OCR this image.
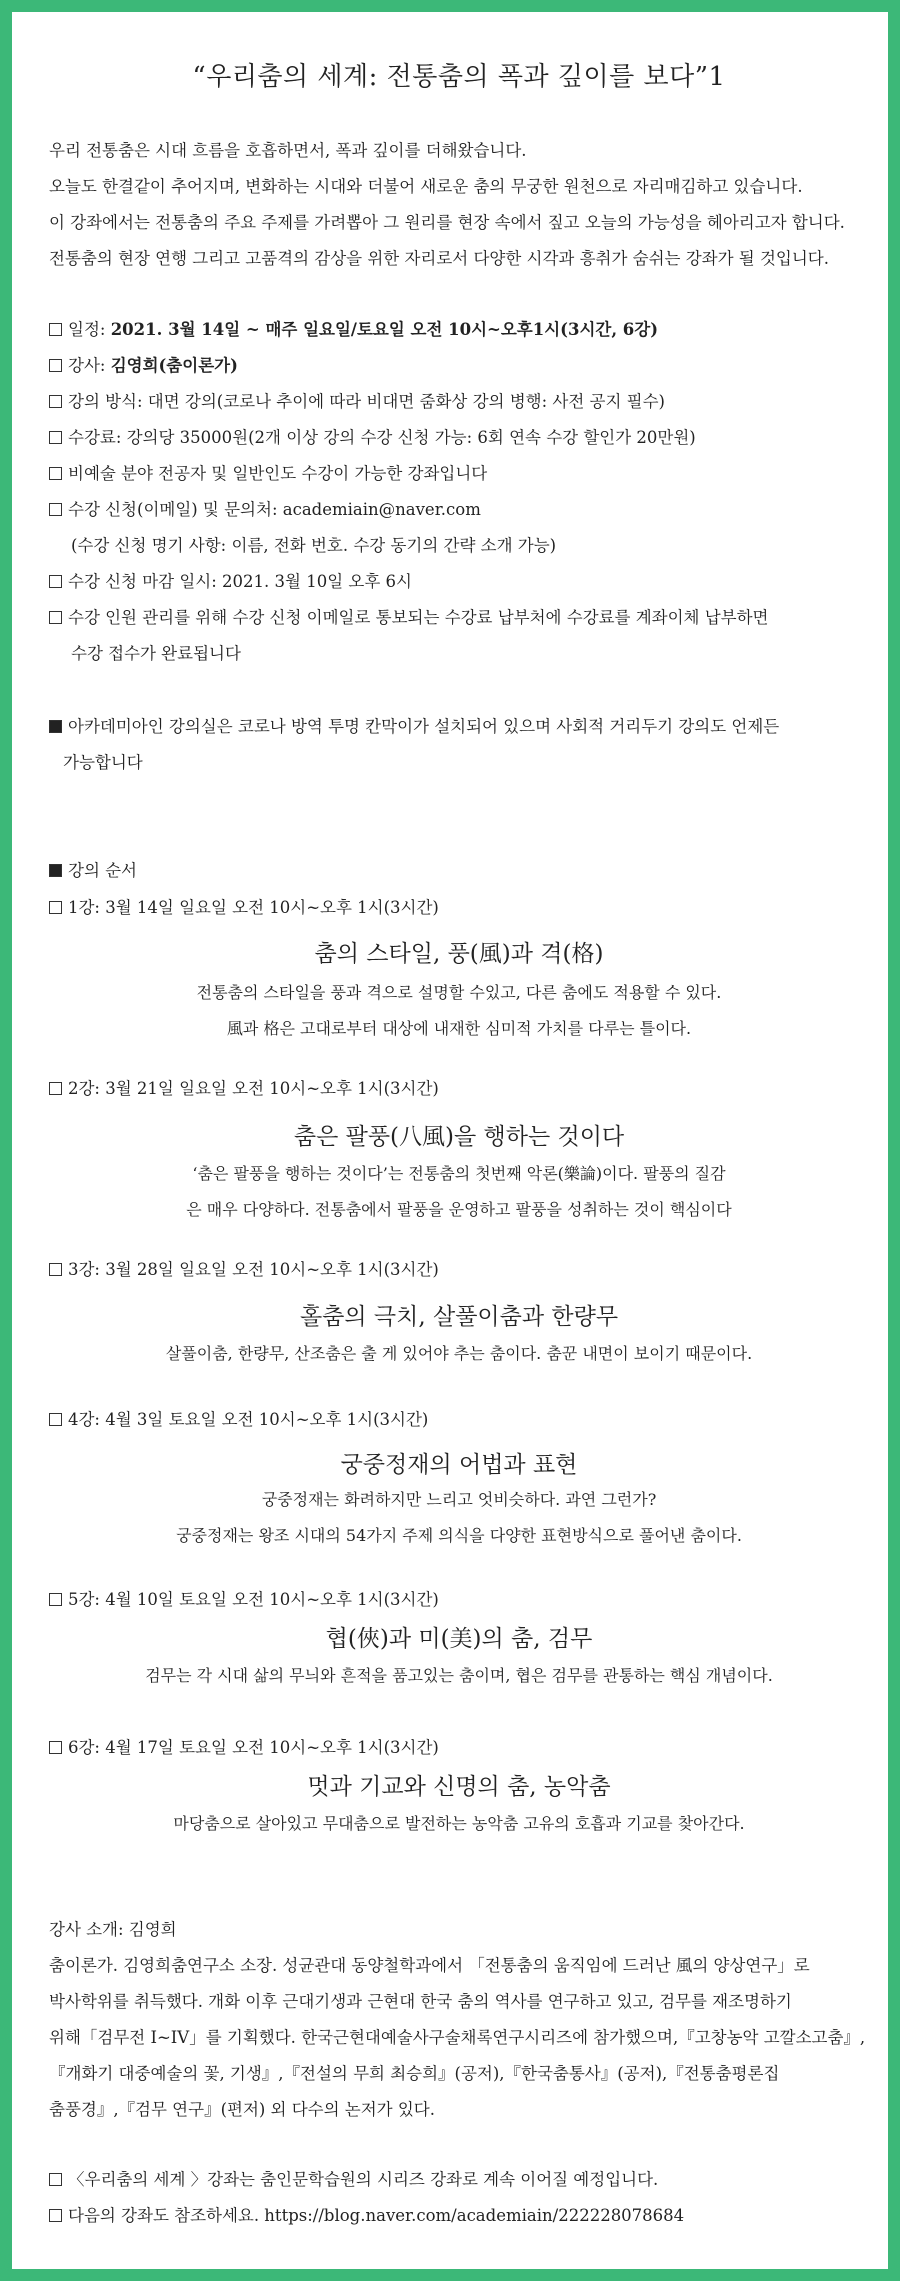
“우리춤의 세계: 전통춤의 폭과 깊이를 보다”1
우리 전통춤은 시대 흐름을 호흡하면서, 폭과 깊이를 더해왔습니다.
오늘도 한결같이 추어지며, 변화하는 시대와 더불어 새로운 춤의 무궁한 원천으로 자리매김하고 있습니다.
이 강좌에서는 전통춤의 주요 주제를 가려뽑아 그 원리를 현장 속에서 짚고 오늘의 가능성을 헤아리고자 합니다.
전통춤의 현장 연행 그리고 고품격의 감상을 위한 자리로서 다양한 시각과 흥취가 숨쉬는 강좌가 될 것입니다.
일정: 2021. 3월 14일 ~ 매주 일요일/토요일 오전 10시~오후1시(3시간, 6강)
강사: 김영희(춤이론가)
강의 방식: 대면 강의(코로나 추이에 따라 비대면 줌화상 강의 병행: 사전 공지 필수)
수강료: 강의당 35000원(2개 이상 강의 수강 신청 가능: 6회 연속 수강 할인가 20만원)
비예술 분야 전공자 및 일반인도 수강이 가능한 강좌입니다
수강 신청(이메일) 및 문의처: academiain@naver.com
(수강 신청 명기 사항: 이름, 전화 번호. 수강 동기의 간략 소개 가능)
수강 신청 마감 일시: 2021. 3월 10일 오후 6시
수강 인원 관리를 위해 수강 신청 이메일로 통보되는 수강료 납부처에 수강료를 계좌이체 납부하면
수강 접수가 완료됩니다
아카데미아인 강의실은 코로나 방역 투명 칸막이가 설치되어 있으며 사회적 거리두기 강의도 언제든
가능합니다
강의 순서
1강: 3월 14일 일요일 오전 10시~오후 1시(3시간)
춤의 스타일, 풍(風)과 격(格)
전통춤의 스타일을 풍과 격으로 설명할 수있고, 다른 춤에도 적용할 수 있다.
風과 格은 고대로부터 대상에 내재한 심미적 가치를 다루는 틀이다.
2강: 3월 21일 일요일 오전 10시~오후 1시(3시간)
춤은 팔풍(八風)을 행하는 것이다
‘춤은 팔풍을 행하는 것이다’는 전통춤의 첫번째 악론(樂論)이다. 팔풍의 질감
은 매우 다양하다. 전통춤에서 팔풍을 운영하고 팔풍을 성취하는 것이 핵심이다
3강: 3월 28일 일요일 오전 10시~오후 1시(3시간)
홀춤의 극치, 살풀이춤과 한량무
살풀이춤, 한량무, 산조춤은 출 게 있어야 추는 춤이다. 춤꾼 내면이 보이기 때문이다.
4강: 4월 3일 토요일 오전 10시~오후 1시(3시간)
궁중정재의 어법과 표현
궁중정재는 화려하지만 느리고 엇비슷하다. 과연 그런가?
궁중정재는 왕조 시대의 54가지 주제 의식을 다양한 표현방식으로 풀어낸 춤이다.
5강: 4월 10일 토요일 오전 10시~오후 1시(3시간)
협(俠)과 미(美)의 춤, 검무
검무는 각 시대 삶의 무늬와 흔적을 품고있는 춤이며, 협은 검무를 관통하는 핵심 개념이다.
6강: 4월 17일 토요일 오전 10시~오후 1시(3시간)
멋과 기교와 신명의 춤, 농악춤
마당춤으로 살아있고 무대춤으로 발전하는 농악춤 고유의 호흡과 기교를 찾아간다.
강사 소개: 김영희
춤이론가. 김영희춤연구소 소장. 성균관대 동양철학과에서 「전통춤의 움직임에 드러난 風의 양상연구」로
박사학위를 취득했다. 개화 이후 근대기생과 근현대 한국 춤의 역사를 연구하고 있고, 검무를 재조명하기
위해「검무전 I~IV」를 기획했다. 한국근현대예술사구술채록연구시리즈에 참가했으며,『고창농악 고깔소고춤』,
『개화기 대중예술의 꽃, 기생』,『전설의 무희 최승희』(공저),『한국춤통사』(공저),『전통춤평론집
춤풍경』,『검무 연구』(편저) 외 다수의 논저가 있다.
〈우리춤의 세계 〉강좌는 춤인문학습원의 시리즈 강좌로 계속 이어질 예정입니다.
다음의 강좌도 참조하세요. https://blog.naver.com/academiain/222228078684
